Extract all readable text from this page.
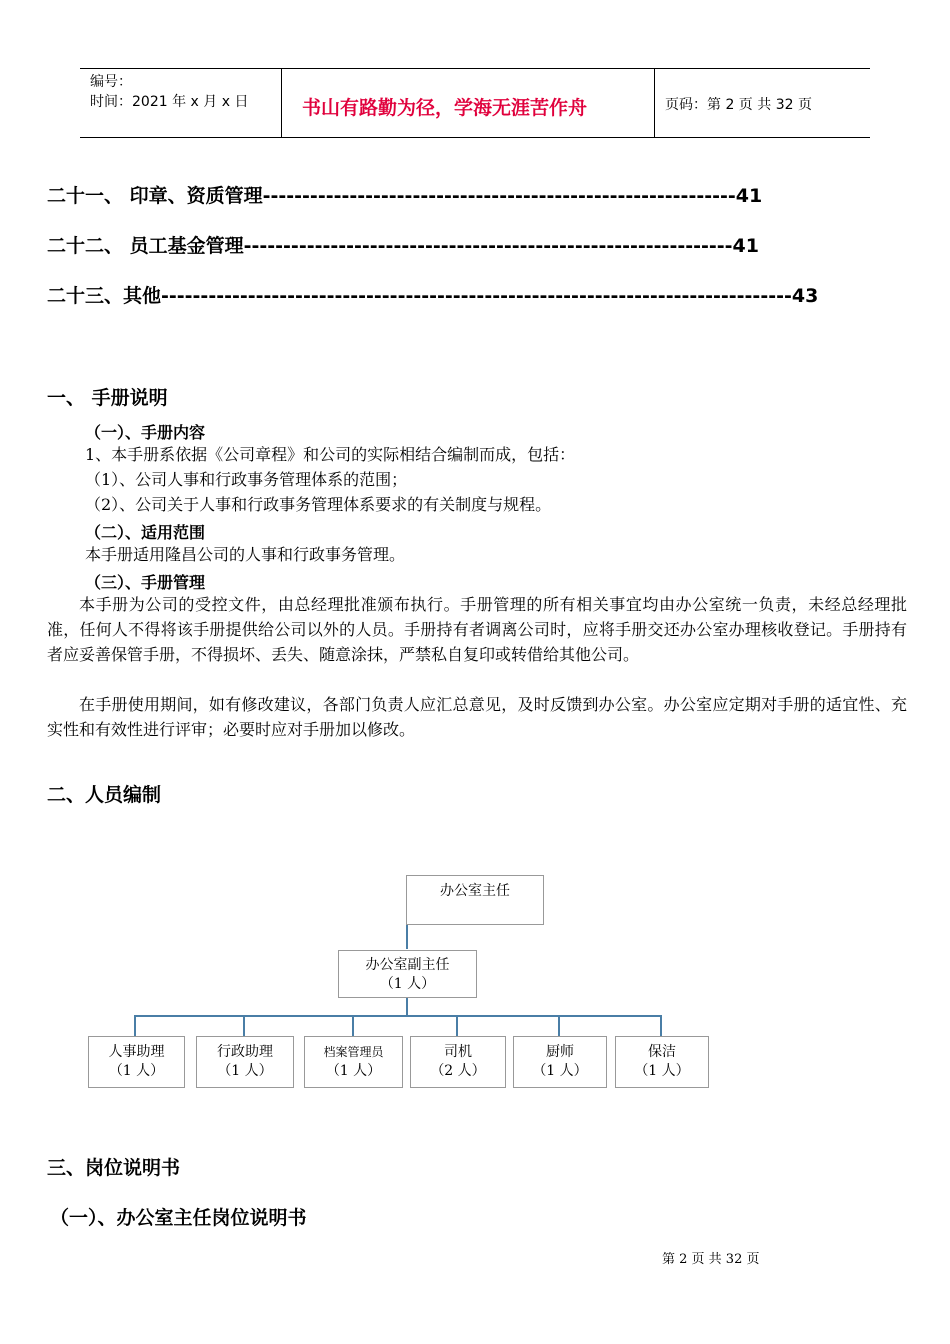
编号：
时间：2021 年 x 月 x 日	书山有路勤为径，学海无涯苦作舟	页码：第 2 页 共 32 页
二十一、 印章、资质管理------------------------------------------------------------41
二十二、 员工基金管理--------------------------------------------------------------41
二十三、其他--------------------------------------------------------------------------------43
一、 手册说明
（一）、手册内容
1、本手册系依据《公司章程》和公司的实际相结合编制而成，包括：
（1）、公司人事和行政事务管理体系的范围；
（2）、公司关于人事和行政事务管理体系要求的有关制度与规程。
（二）、适用范围
本手册适用隆昌公司的人事和行政事务管理。
（三）、手册管理
本手册为公司的受控文件，由总经理批准颁布执行。手册管理的所有相关事宜均由办公室统一负责，未经总经理批准，任何人不得将该手册提供给公司以外的人员。手册持有者调离公司时，应将手册交还办公室办理核收登记。手册持有者应妥善保管手册，不得损坏、丢失、随意涂抹，严禁私自复印或转借给其他公司。
在手册使用期间，如有修改建议，各部门负责人应汇总意见，及时反馈到办公室。办公室应定期对手册的适宜性、充实性和有效性进行评审；必要时应对手册加以修改。
二、人员编制
办公室主任
办公室副主任
（1 人）
人事助理
（1 人）
行政助理
（1 人）
档案管理员
（1 人）
司机
（2 人）
厨师
（1 人）
保洁
（1 人）
三、岗位说明书
（一）、办公室主任岗位说明书
第 2 页 共 32 页
